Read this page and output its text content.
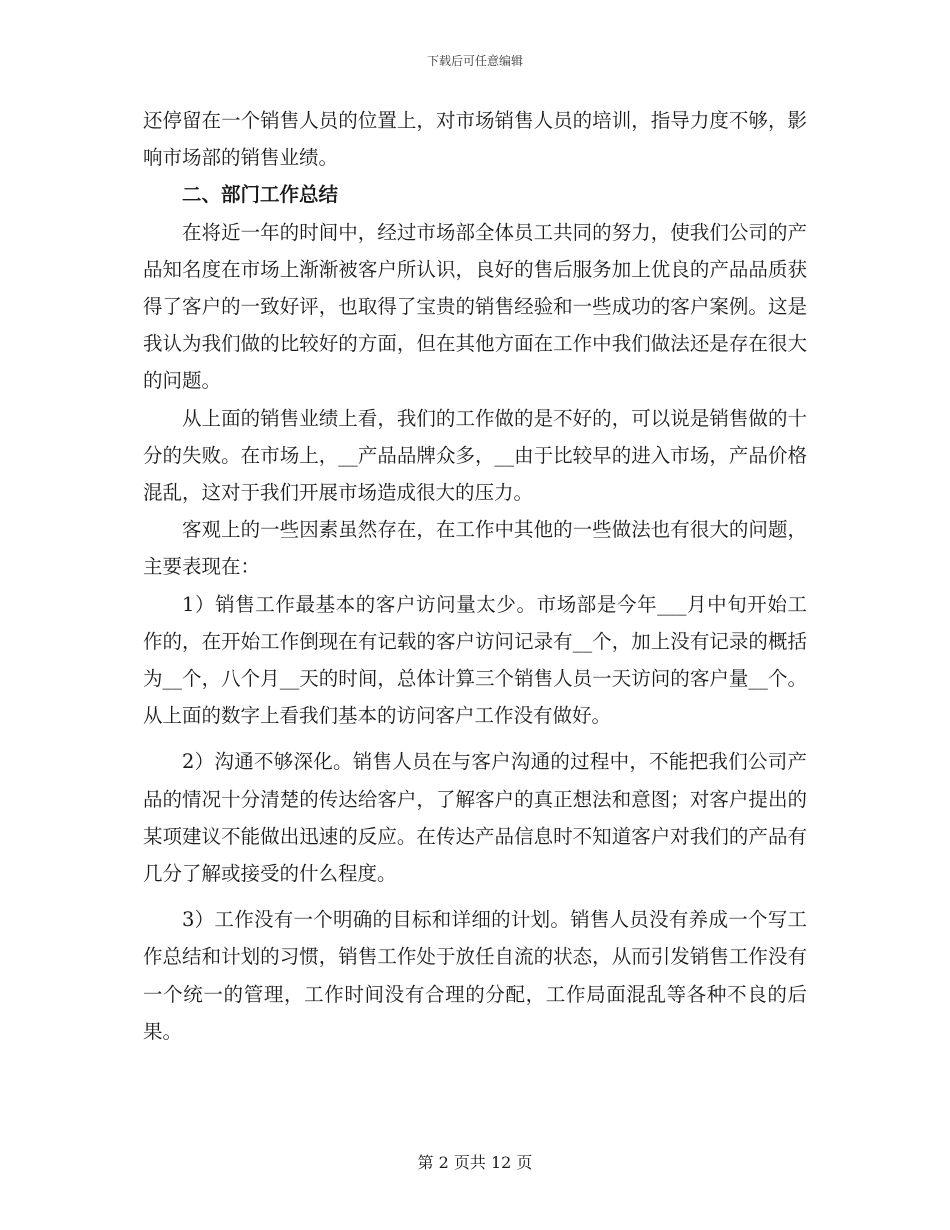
下载后可任意编辑

还停留在一个销售人员的位置上，对市场销售人员的培训，指导力度不够，影响市场部的销售业绩。

二、部门工作总结

在将近一年的时间中，经过市场部全体员工共同的努力，使我们公司的产品知名度在市场上渐渐被客户所认识，良好的售后服务加上优良的产品品质获得了客户的一致好评，也取得了宝贵的销售经验和一些成功的客户案例。这是我认为我们做的比较好的方面，但在其他方面在工作中我们做法还是存在很大的问题。

从上面的销售业绩上看，我们的工作做的是不好的，可以说是销售做的十分的失败。在市场上，__产品品牌众多，__由于比较早的进入市场，产品价格混乱，这对于我们开展市场造成很大的压力。

客观上的一些因素虽然存在，在工作中其他的一些做法也有很大的问题，主要表现在：

1）销售工作最基本的客户访问量太少。市场部是今年___月中旬开始工作的，在开始工作倒现在有记载的客户访问记录有__个，加上没有记录的概括为__个，八个月__天的时间，总体计算三个销售人员一天访问的客户量__个。从上面的数字上看我们基本的访问客户工作没有做好。

2）沟通不够深化。销售人员在与客户沟通的过程中，不能把我们公司产品的情况十分清楚的传达给客户，了解客户的真正想法和意图；对客户提出的某项建议不能做出迅速的反应。在传达产品信息时不知道客户对我们的产品有几分了解或接受的什么程度。

3）工作没有一个明确的目标和详细的计划。销售人员没有养成一个写工作总结和计划的习惯，销售工作处于放任自流的状态，从而引发销售工作没有一个统一的管理，工作时间没有合理的分配，工作局面混乱等各种不良的后果。

第 2 页共 12 页
